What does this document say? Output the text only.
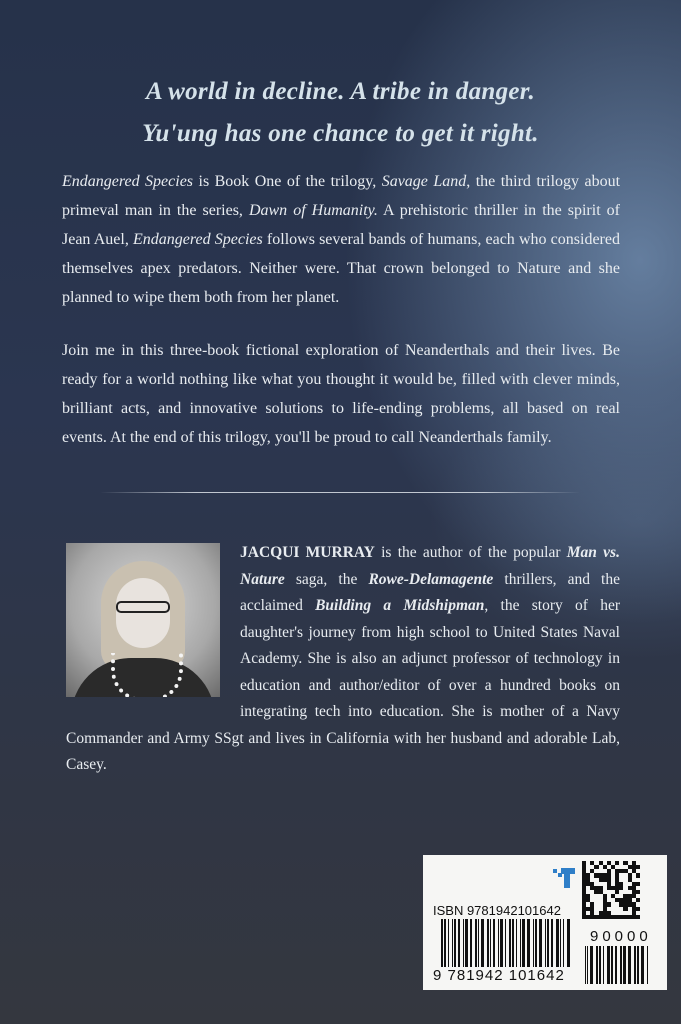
A world in decline. A tribe in danger.
Yu'ung has one chance to get it right.
Endangered Species is Book One of the trilogy, Savage Land, the third trilogy about primeval man in the series, Dawn of Humanity. A prehistoric thriller in the spirit of Jean Auel, Endangered Species follows several bands of humans, each who considered themselves apex predators. Neither were. That crown belonged to Nature and she planned to wipe them both from her planet.
Join me in this three-book fictional exploration of Neanderthals and their lives. Be ready for a world nothing like what you thought it would be, filled with clever minds, brilliant acts, and innovative solutions to life-ending problems, all based on real events. At the end of this trilogy, you'll be proud to call Neanderthals family.
JACQUI MURRAY is the author of the popular Man vs. Nature saga, the Rowe-Delamagente thrillers, and the acclaimed Building a Midshipman, the story of her daughter's journey from high school to United States Naval Academy. She is also an adjunct professor of technology in education and author/editor of over a hundred books on integrating tech into education. She is mother of a Navy Commander and Army SSgt and lives in California with her husband and adorable Lab, Casey.
ISBN 9781942101642
90000
9 781942 101642
